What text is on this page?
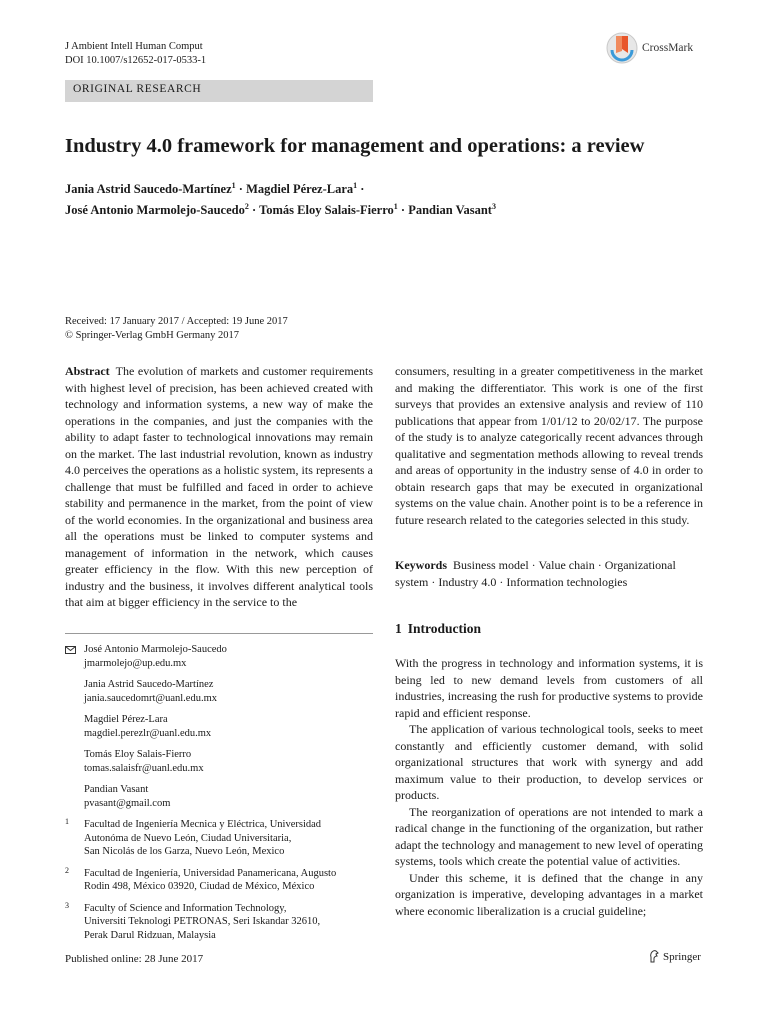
J Ambient Intell Human Comput
DOI 10.1007/s12652-017-0533-1
CrossMark
ORIGINAL RESEARCH
Industry 4.0 framework for management and operations: a review
Jania Astrid Saucedo-Martínez$^1$ · Magdiel Pérez-Lara$^1$ ·
José Antonio Marmolejo-Saucedo$^2$ · Tomás Eloy Salais-Fierro$^1$ · Pandian Vasant$^3$
Received: 17 January 2017 / Accepted: 19 June 2017
© Springer-Verlag GmbH Germany 2017
Abstract The evolution of markets and customer requirements with highest level of precision, has been achieved created with technology and information systems, a new way of make the operations in the companies, and just the companies with the ability to adapt faster to technological innovations may remain on the market. The last industrial revolution, known as industry 4.0 perceives the operations as a holistic system, its represents a challenge that must be fulfilled and faced in order to achieve stability and permanence in the market, from the point of view of the world economies. In the organizational and business area all the operations must be linked to computer systems and management of information in the network, which causes greater efficiency in the flow. With this new perception of industry and the business, it involves different analytical tools that aim at bigger efficiency in the service to the
consumers, resulting in a greater competitiveness in the market and making the differentiator. This work is one of the first surveys that provides an extensive analysis and review of 110 publications that appear from 1/01/12 to 20/02/17. The purpose of the study is to analyze categorically recent advances through qualitative and segmentation methods allowing to reveal trends and areas of opportunity in the industry sense of 4.0 in order to obtain research gaps that may be executed in organizational systems on the value chain. Another point is to be a reference in future research related to the categories selected in this study.
Keywords Business model · Value chain · Organizational system · Industry 4.0 · Information technologies
1 Introduction

With the progress in technology and information systems, it is being led to new demand levels from customers of all industries, increasing the rush for productive systems to provide rapid and efficient response.

The application of various technological tools, seeks to meet constantly and efficiently customer demand, with solid organizational structures that work with synergy and add maximum value to their production, to develop services or products.

The reorganization of operations are not intended to mark a radical change in the functioning of the organization, but rather adapt the technology and management to new level of operating systems, tools which create the potential value of activities.

Under this scheme, it is defined that the change in any organization is imperative, developing advantages in a market where economic liberalization is a crucial guideline;

José Antonio Marmolejo-Saucedo
jmarmolejo@up.edu.mx
Jania Astrid Saucedo-Martínez
jania.saucedomrt@uanl.edu.mx
Magdiel Pérez-Lara
magdiel.perezlr@uanl.edu.mx
Tomás Eloy Salais-Fierro
tomas.salaisfr@uanl.edu.mx
Pandian Vasant
pvasant@gmail.com
1 Facultad de Ingeniería Mecnica y Eléctrica, Universidad
Autonóma de Nuevo León, Ciudad Universitaria,
San Nicolás de los Garza, Nuevo León, Mexico
2 Facultad de Ingeniería, Universidad Panamericana, Augusto
Rodin 498, México 03920, Ciudad de México, México
3 Faculty of Science and Information Technology,
Universiti Teknologi PETRONAS, Seri Iskandar 32610,
Perak Darul Ridzuan, Malaysia
Published online: 28 June 2017	Springer
